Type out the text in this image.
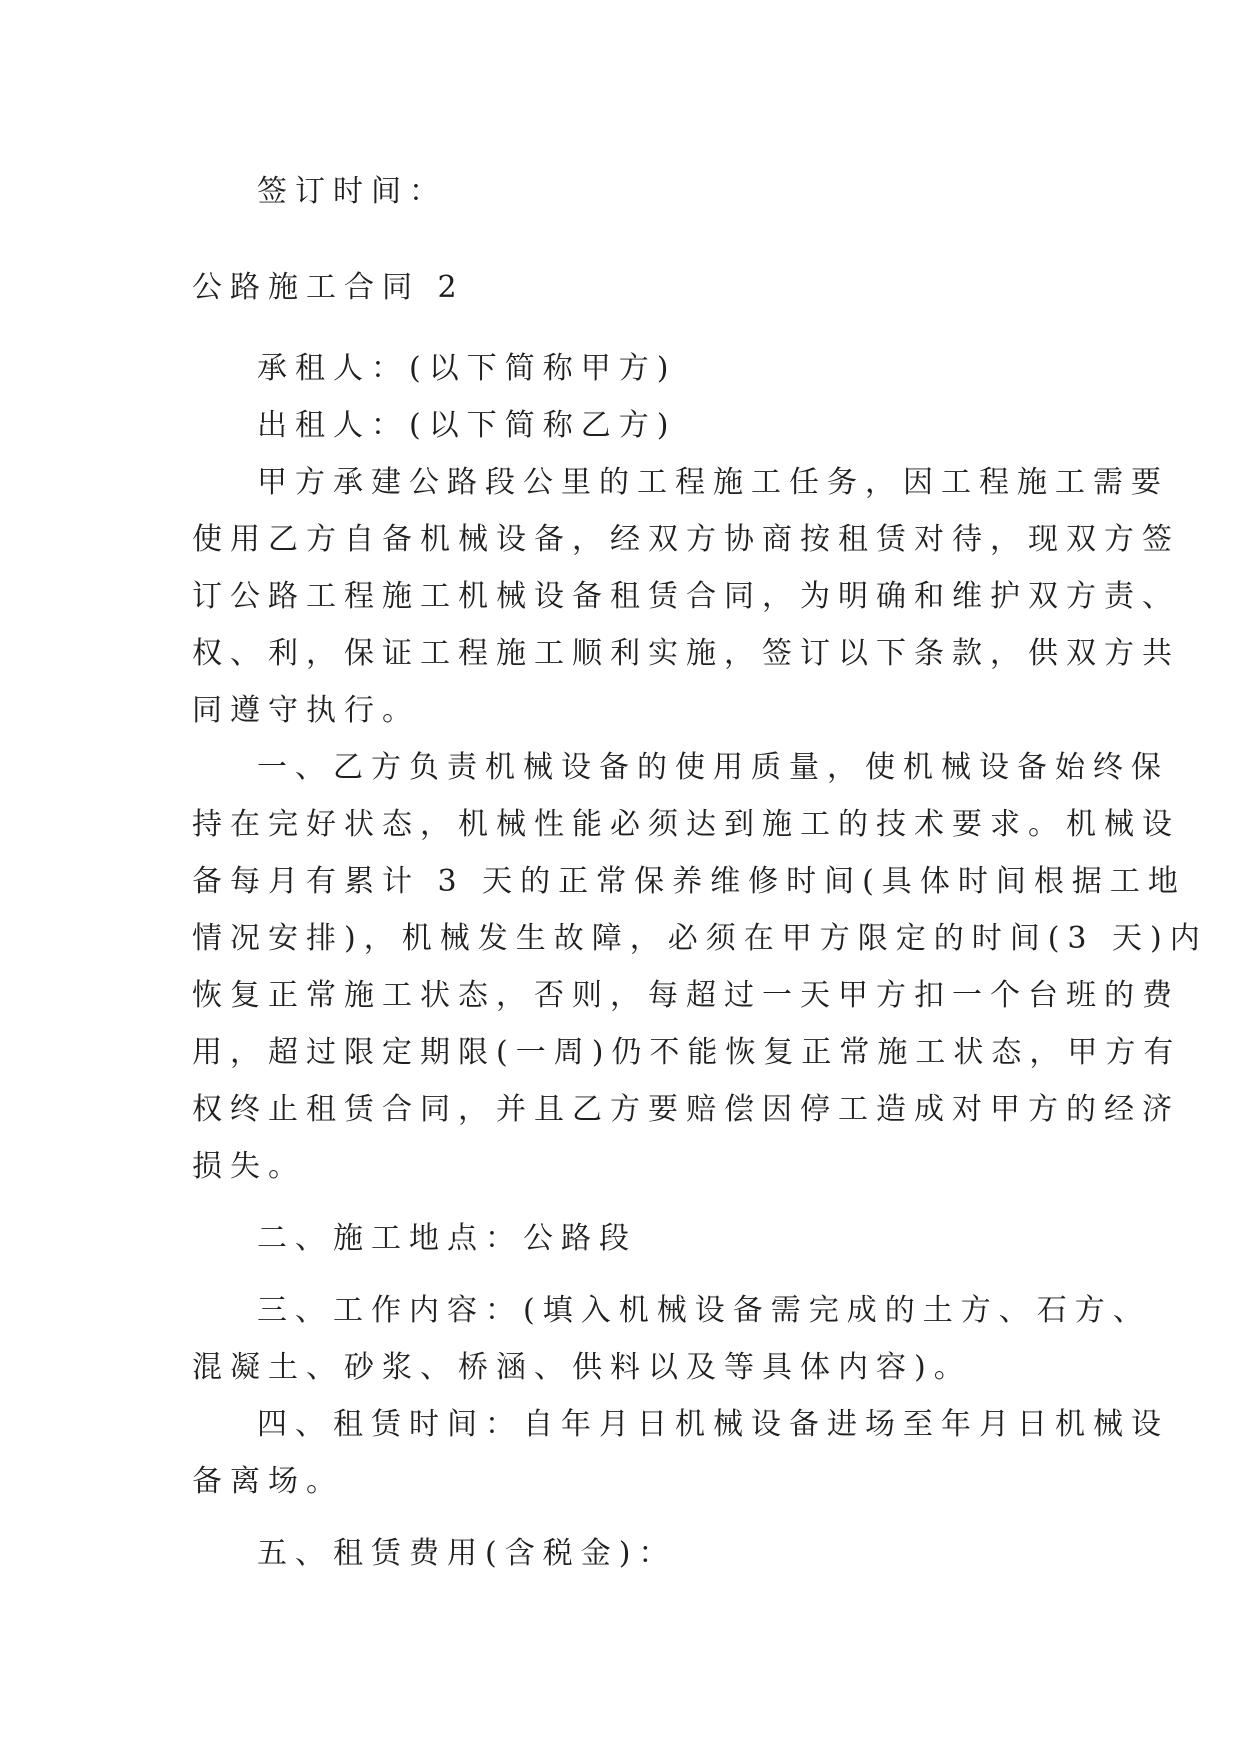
签订时间：
公路施工合同 2
承租人：(以下简称甲方)
出租人：(以下简称乙方)
甲方承建公路段公里的工程施工任务，因工程施工需要
使用乙方自备机械设备，经双方协商按租赁对待，现双方签
订公路工程施工机械设备租赁合同，为明确和维护双方责、
权、利，保证工程施工顺利实施，签订以下条款，供双方共
同遵守执行。
一、乙方负责机械设备的使用质量，使机械设备始终保
持在完好状态，机械性能必须达到施工的技术要求。机械设
备每月有累计 3 天的正常保养维修时间(具体时间根据工地
情况安排)，机械发生故障，必须在甲方限定的时间(3 天)内
恢复正常施工状态，否则，每超过一天甲方扣一个台班的费
用，超过限定期限(一周)仍不能恢复正常施工状态，甲方有
权终止租赁合同，并且乙方要赔偿因停工造成对甲方的经济
损失。
二、施工地点：公路段
三、工作内容：(填入机械设备需完成的土方、石方、
混凝土、砂浆、桥涵、供料以及等具体内容)。
四、租赁时间：自年月日机械设备进场至年月日机械设
备离场。
五、租赁费用(含税金)：
